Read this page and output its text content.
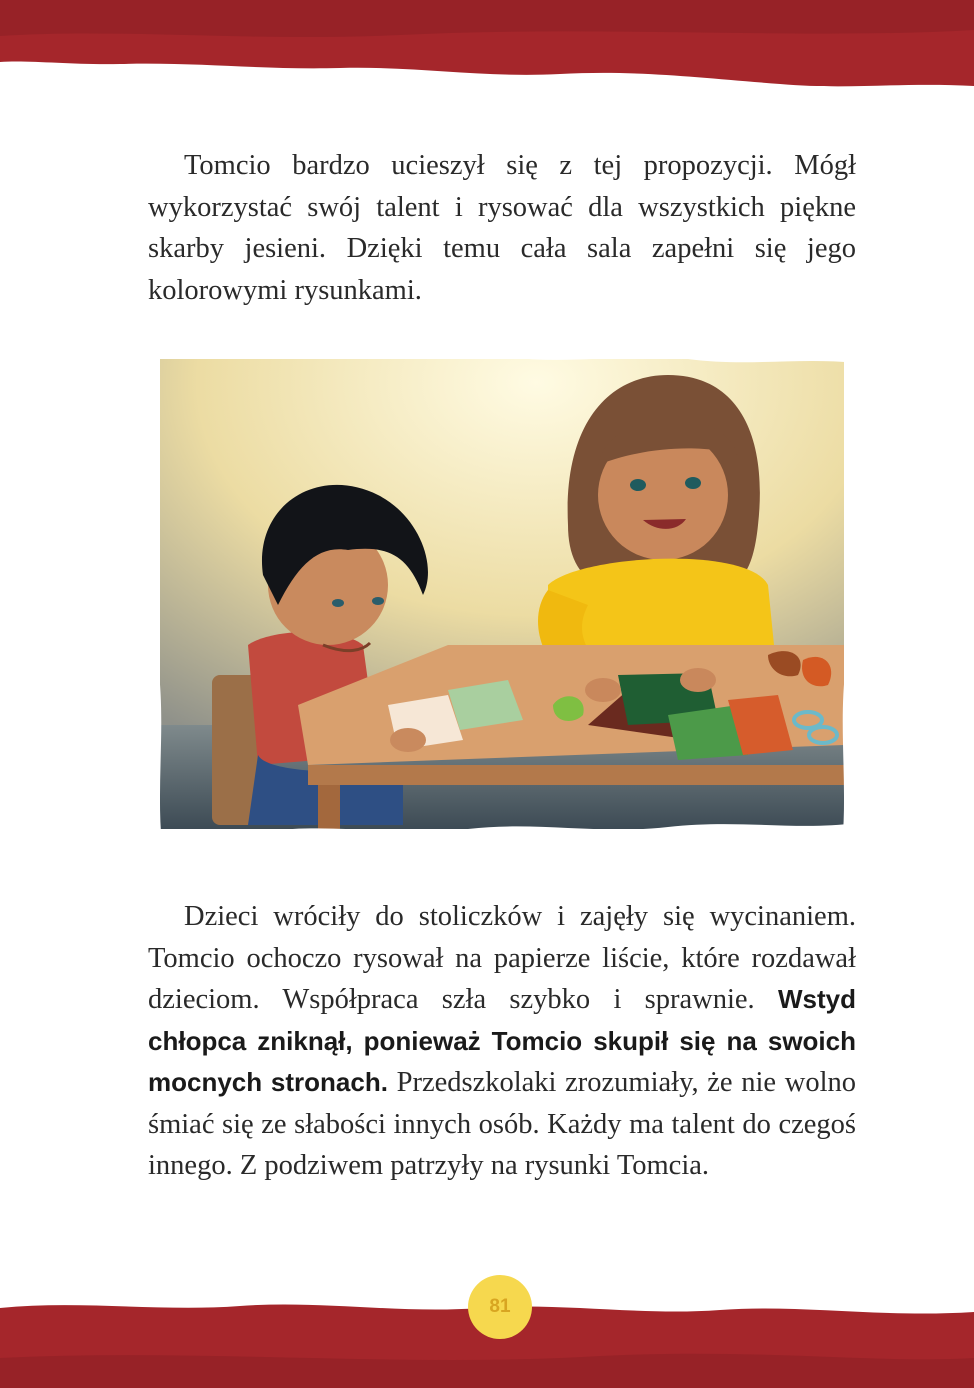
Tomcio bardzo ucieszył się z tej propozycji. Mógł wykorzystać swój talent i rysować dla wszystkich piękne skarby jesieni. Dzięki temu cała sala zapełni się jego kolorowymi rysunkami.

Dzieci wróciły do stoliczków i zajęły się wycinaniem. Tomcio ochoczo rysował na papierze liście, które rozdawał dzieciom. Współpraca szła szybko i sprawnie. Wstyd chłopca zniknął, ponieważ Tomcio skupił się na swoich mocnych stronach. Przedszkolaki zrozumiały, że nie wolno śmiać się ze słabości innych osób. Każdy ma talent do czegoś innego. Z podziwem patrzyły na rysunki Tomcia.

81
